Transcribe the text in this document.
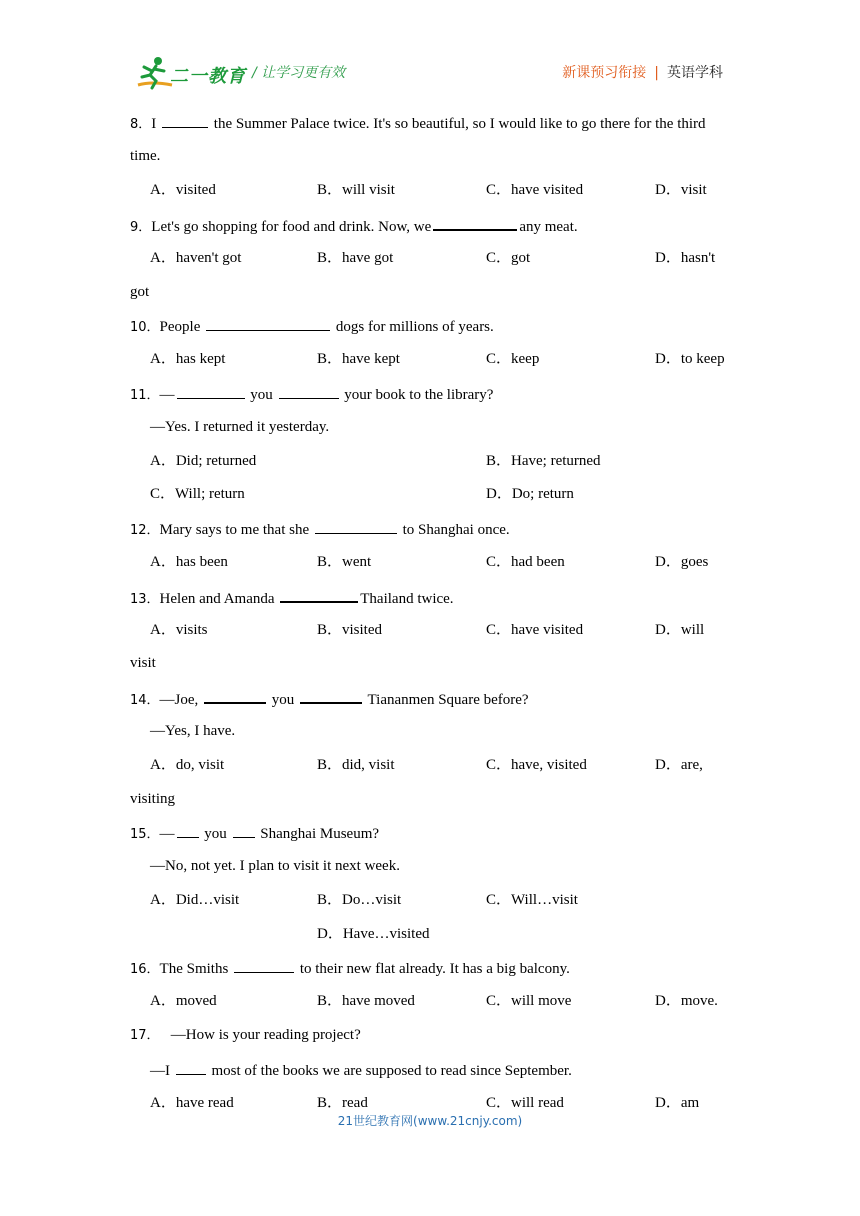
二一教育 / 让学习更有效	新课预习衔接 | 英语学科
8．I	the Summer Palace twice. It's so beautiful, so I would like to go there for the third
time.
A．visited	B．will visit	C．have visited	D．visit
9．Let's go shopping for food and drink. Now, we	any meat.
A．haven't got	B．have got	C．got	D．hasn't
got
10．People	dogs for millions of years.
A．has kept	B．have kept	C．keep	D．to keep
11．—	you	your book to the library?
—Yes. I returned it yesterday.
A．Did; returned	B．Have; returned
C．Will; return	D．Do; return
12．Mary says to me that she	to Shanghai once.
A．has been	B．went	C．had been	D．goes
13．Helen and Amanda	Thailand twice.
A．visits	B．visited	C．have visited	D．will
visit
14．—Joe,	you	Tiananmen Square before?
—Yes, I have.
A．do, visit	B．did, visit	C．have, visited	D．are,
visiting
15．— you  Shanghai Museum?
—No, not yet. I plan to visit it next week.
A．Did…visit	B．Do…visit	C．Will…visit
D．Have…visited
16．The Smiths	to their new flat already. It has a big balcony.
A．moved	B．have moved	C．will move	D．move.
17．   —How is your reading project?
—I  most of the books we are supposed to read since September.
A．have read	B．read	C．will read	D．am
21世纪教育网(www.21cnjy.com)
